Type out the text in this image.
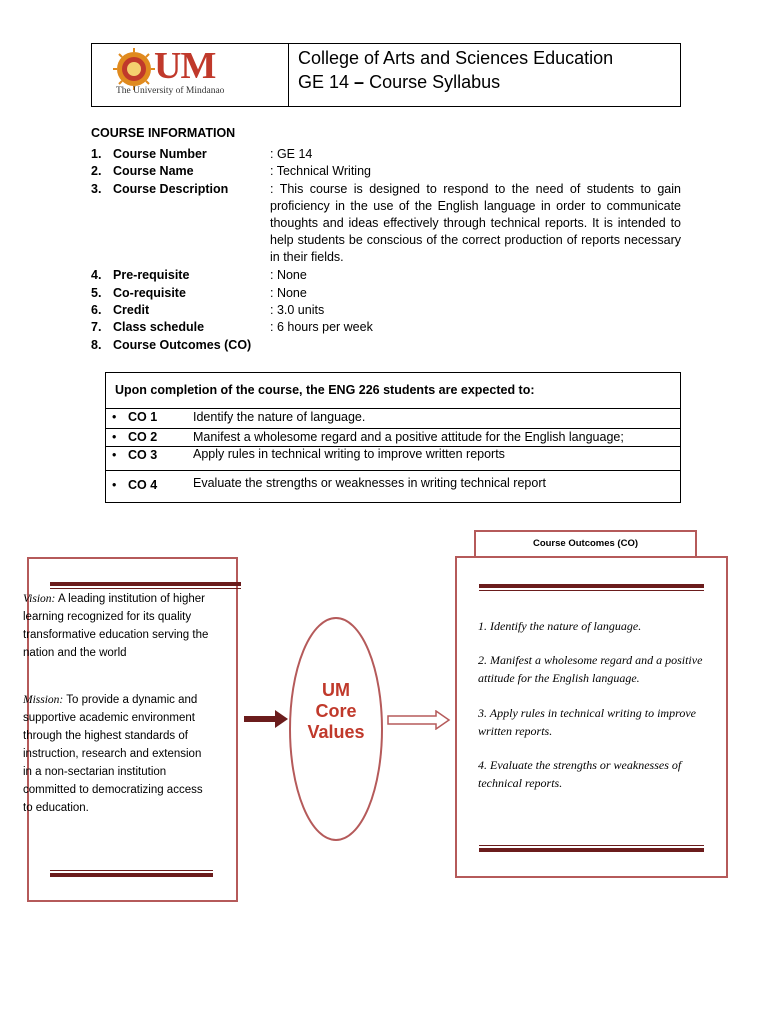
UM
The University of Mindanao
College of Arts and Sciences Education
GE 14 – Course Syllabus
COURSE INFORMATION
1. Course Number	: GE 14
2. Course Name	: Technical Writing
3. Course Description	: This course is designed to respond to the need of students to gain proficiency in the use of the English language in order to communicate thoughts and ideas effectively through technical reports. It is intended to help students be conscious of the correct production of reports necessary in their fields.
4. Pre-requisite	: None
5. Co-requisite	: None
6. Credit	: 3.0 units
7. Class schedule	: 6 hours per week
8. Course Outcomes (CO)
Upon completion of the course, the ENG 226 students are expected to:
• CO 1	Identify the nature of language.
• CO 2	Manifest a wholesome regard and a positive attitude for the English language;
• CO 3	Apply rules in technical writing to improve written reports
• CO 4	Evaluate the strengths or weaknesses in writing technical report
Vision: A leading institution of higher learning recognized for its quality transformative education serving the nation and the world
Mission: To provide a dynamic and supportive academic environment through the highest standards of instruction, research and extension in a non-sectarian institution committed to democratizing access to education.
UM
Core
Values
Course Outcomes (CO)
1. Identify the nature of language.
2. Manifest a wholesome regard and a positive attitude for the English language.
3. Apply rules in technical writing to improve written reports.
4. Evaluate the strengths or weaknesses of technical reports.
